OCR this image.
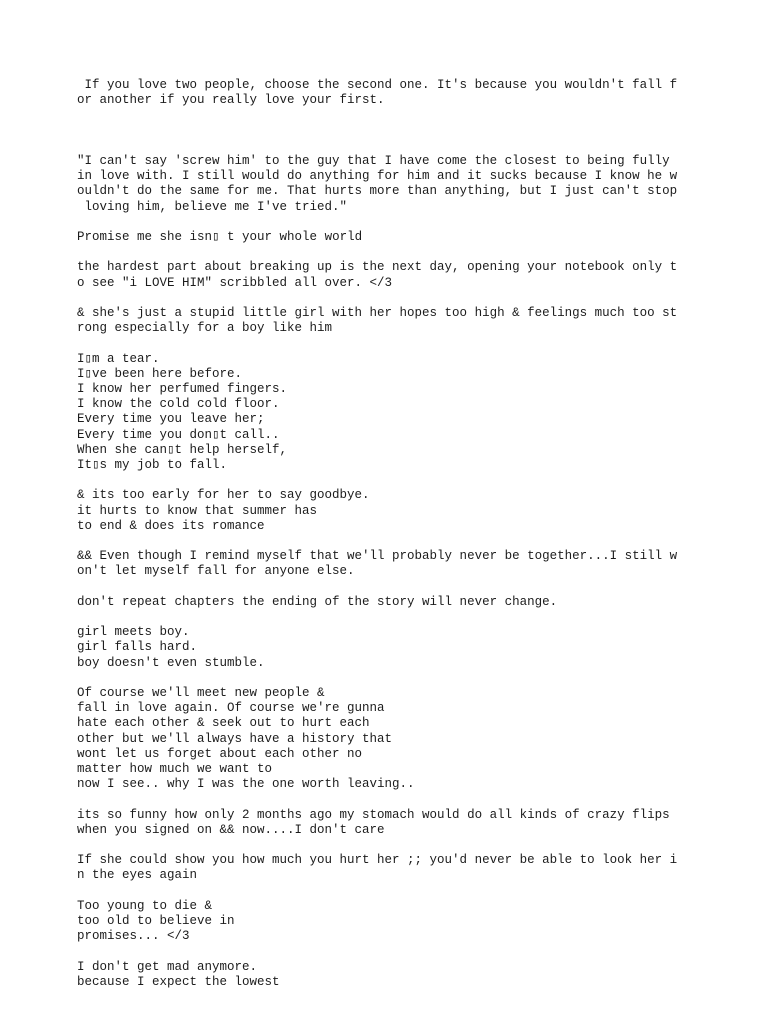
If you love two people, choose the second one. It's because you wouldn't fall f
or another if you really love your first.
"I can't say 'screw him' to the guy that I have come the closest to being fully
in love with. I still would do anything for him and it sucks because I know he w
ouldn't do the same for me. That hurts more than anything, but I just can't stop
loving him, believe me I've tried."
Promise me she isn▯ t your whole world
the hardest part about breaking up is the next day, opening your notebook only t
o see "i LOVE HIM" scribbled all over. </3
& she's just a stupid little girl with her hopes too high & feelings much too st
rong especially for a boy like him
I▯m a tear.
I▯ve been here before.
I know her perfumed fingers.
I know the cold cold floor.
Every time you leave her;
Every time you don▯t call..
When she can▯t help herself,
It▯s my job to fall.
& its too early for her to say goodbye.
it hurts to know that summer has
to end & does its romance
&& Even though I remind myself that we'll probably never be together...I still w
on't let myself fall for anyone else.
don't repeat chapters the ending of the story will never change.
girl meets boy.
girl falls hard.
boy doesn't even stumble.
Of course we'll meet new people &
fall in love again. Of course we're gunna
hate each other & seek out to hurt each
other but we'll always have a history that
wont let us forget about each other no
matter how much we want to
now I see.. why I was the one worth leaving..
its so funny how only 2 months ago my stomach would do all kinds of crazy flips
when you signed on && now....I don't care
If she could show you how much you hurt her ;; you'd never be able to look her i
n the eyes again
Too young to die &
too old to believe in
promises... </3
I don't get mad anymore.
because I expect the lowest
